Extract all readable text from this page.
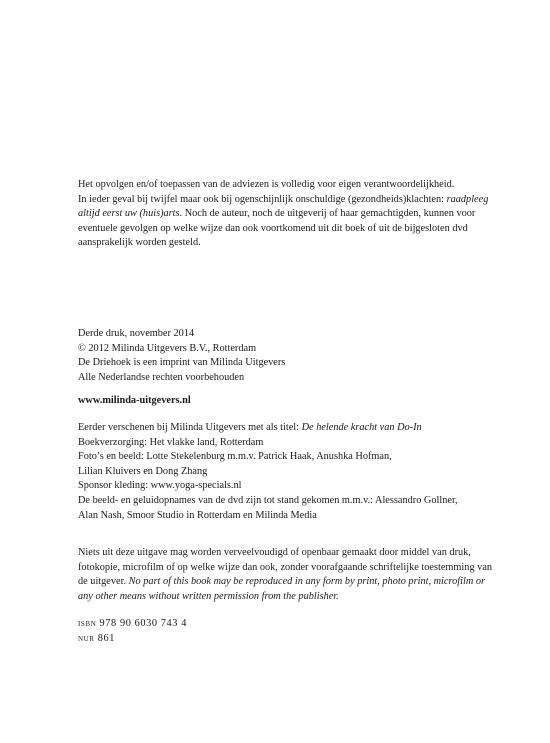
Het opvolgen en/of toepassen van de adviezen is volledig voor eigen verantwoordelijkheid.

In ieder geval bij twijfel maar ook bij ogenschijnlijk onschuldige (gezondheids)klachten: raadpleeg altijd eerst uw (huis)arts. Noch de auteur, noch de uitgeverij of haar gemachtigden, kunnen voor eventuele gevolgen op welke wijze dan ook voortkomend uit dit boek of uit de bijgesloten dvd aansprakelijk worden gesteld.

Derde druk, november 2014

© 2012 Milinda Uitgevers B.V., Rotterdam

De Driehoek is een imprint van Milinda Uitgevers

Alle Nederlandse rechten voorbehouden

www.milinda-uitgevers.nl

Eerder verschenen bij Milinda Uitgevers met als titel: De helende kracht van Do-In

Boekverzorging: Het vlakke land, Rotterdam

Foto’s en beeld: Lotte Stekelenburg m.m.v. Patrick Haak, Anushka Hofman,

Lilian Kluivers en Dong Zhang

Sponsor kleding: www.yoga-specials.nl

De beeld- en geluidopnames van de dvd zijn tot stand gekomen m.m.v.: Alessandro Gollner,

Alan Nash, Smoor Studio in Rotterdam en Milinda Media

Niets uit deze uitgave mag worden verveelvoudigd of openbaar gemaakt door middel van druk, fotokopie, microfilm of op welke wijze dan ook, zonder voorafgaande schriftelijke toestemming van de uitgever. No part of this book may be reproduced in any form by print, photo print, microfilm or any other means without written permission from the publisher.

isbn 978 90 6030 743 4

nur 861
